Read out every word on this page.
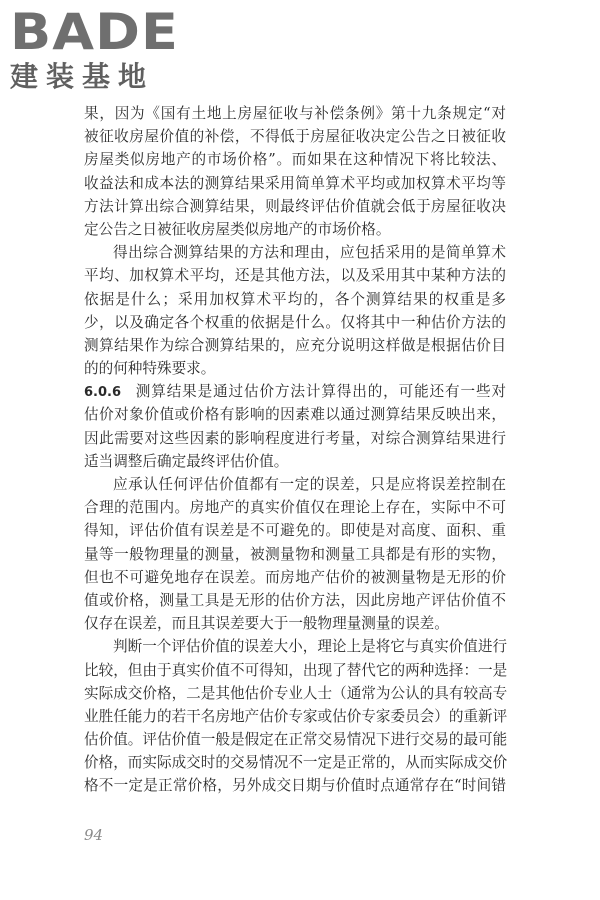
BADE
建装基地
果，因为《国有土地上房屋征收与补偿条例》第十九条规定“对
被征收房屋价值的补偿，不得低于房屋征收决定公告之日被征收
房屋类似房地产的市场价格”。而如果在这种情况下将比较法、
收益法和成本法的测算结果采用简单算术平均或加权算术平均等
方法计算出综合测算结果，则最终评估价值就会低于房屋征收决
定公告之日被征收房屋类似房地产的市场价格。
得出综合测算结果的方法和理由，应包括采用的是简单算术
平均、加权算术平均，还是其他方法，以及采用其中某种方法的
依据是什么；采用加权算术平均的，各个测算结果的权重是多
少，以及确定各个权重的依据是什么。仅将其中一种估价方法的
测算结果作为综合测算结果的，应充分说明这样做是根据估价目
的的何种特殊要求。
6.0.6　测算结果是通过估价方法计算得出的，可能还有一些对
估价对象价值或价格有影响的因素难以通过测算结果反映出来，
因此需要对这些因素的影响程度进行考量，对综合测算结果进行
适当调整后确定最终评估价值。
应承认任何评估价值都有一定的误差，只是应将误差控制在
合理的范围内。房地产的真实价值仅在理论上存在，实际中不可
得知，评估价值有误差是不可避免的。即使是对高度、面积、重
量等一般物理量的测量，被测量物和测量工具都是有形的实物，
但也不可避免地存在误差。而房地产估价的被测量物是无形的价
值或价格，测量工具是无形的估价方法，因此房地产评估价值不
仅存在误差，而且其误差要大于一般物理量测量的误差。
判断一个评估价值的误差大小，理论上是将它与真实价值进行
比较，但由于真实价值不可得知，出现了替代它的两种选择：一是
实际成交价格，二是其他估价专业人士（通常为公认的具有较高专
业胜任能力的若干名房地产估价专家或估价专家委员会）的重新评
估价值。评估价值一般是假定在正常交易情况下进行交易的最可能
价格，而实际成交时的交易情况不一定是正常的，从而实际成交价
格不一定是正常价格，另外成交日期与价值时点通常存在“时间错
94
